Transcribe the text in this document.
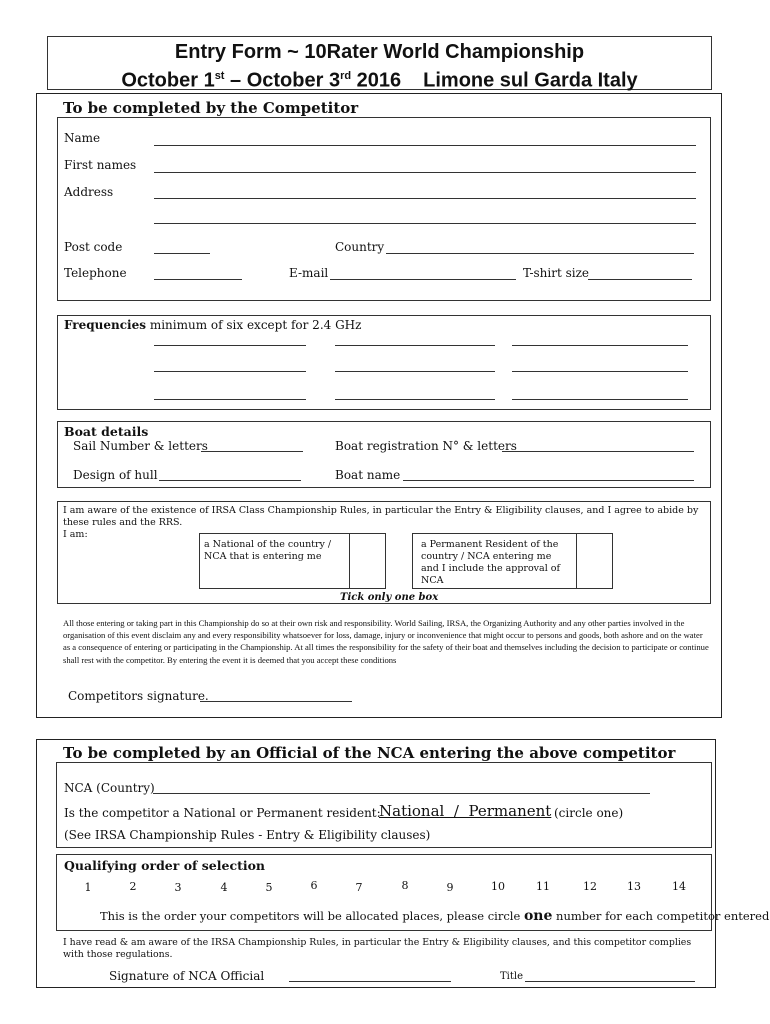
Entry Form ~ 10Rater World Championship
October 1st – October 3rd 2016 Limone sul Garda Italy
To be completed by the Competitor
Name
First names
Address
Post code	Country
Telephone	E-mail	T-shirt size
Frequencies minimum of six except for 2.4 GHz
Boat details
Sail Number & letters	Boat registration N° & letters
Design of hull	Boat name
I am aware of the existence of IRSA Class Championship Rules, in particular the Entry & Eligibility clauses, and I agree to abide by these rules and the RRS.
I am:
a National of the country / NCA that is entering me
a Permanent Resident of the country / NCA entering me and I include the approval of NCA
Tick only one box
All those entering or taking part in this Championship do so at their own risk and responsibility. World Sailing, IRSA, the Organizing Authority and any other parties involved in the organisation of this event disclaim any and every responsibility whatsoever for loss, damage, injury or inconvenience that might occur to persons and goods, both ashore and on the water as a consequence of entering or participating in the Championship. At all times the responsibility for the safety of their boat and themselves including the decision to participate or continue shall rest with the competitor. By entering the event it is deemed that you accept these conditions
Competitors signature.
To be completed by an Official of the NCA entering the above competitor
NCA (Country)
Is the competitor a National or Permanent resident:
National  /  Permanent (circle one)
(See IRSA Championship Rules - Entry & Eligibility clauses)
Qualifying order of selection
1	2	3	4	5	6	7	8	9	10	11	12	13	14
This is the order your competitors will be allocated places, please circle one number for each competitor entered
I have read & am aware of the IRSA Championship Rules, in particular the Entry & Eligibility clauses, and this competitor complies with those regulations.
Signature of NCA Official	Title
